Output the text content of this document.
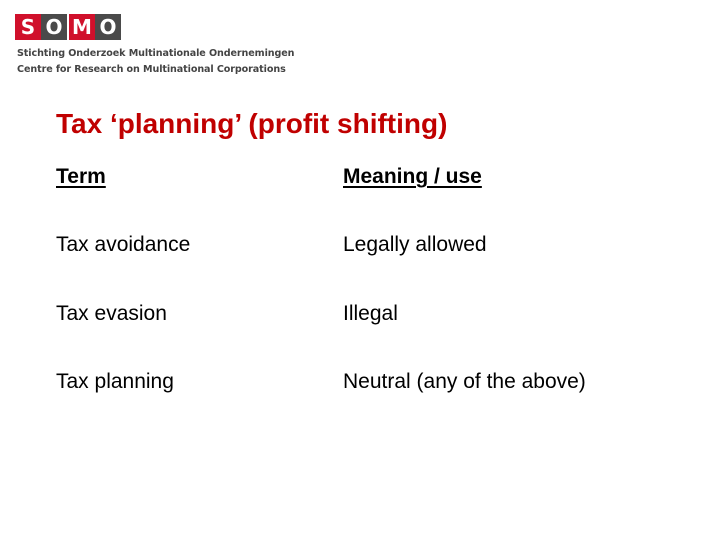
S O M O
Stichting Onderzoek Multinationale Ondernemingen
Centre for Research on Multinational Corporations
Tax ‘planning’ (profit shifting)
Term	Meaning / use
Tax avoidance	Legally allowed
Tax evasion	Illegal
Tax planning	Neutral (any of the above)
